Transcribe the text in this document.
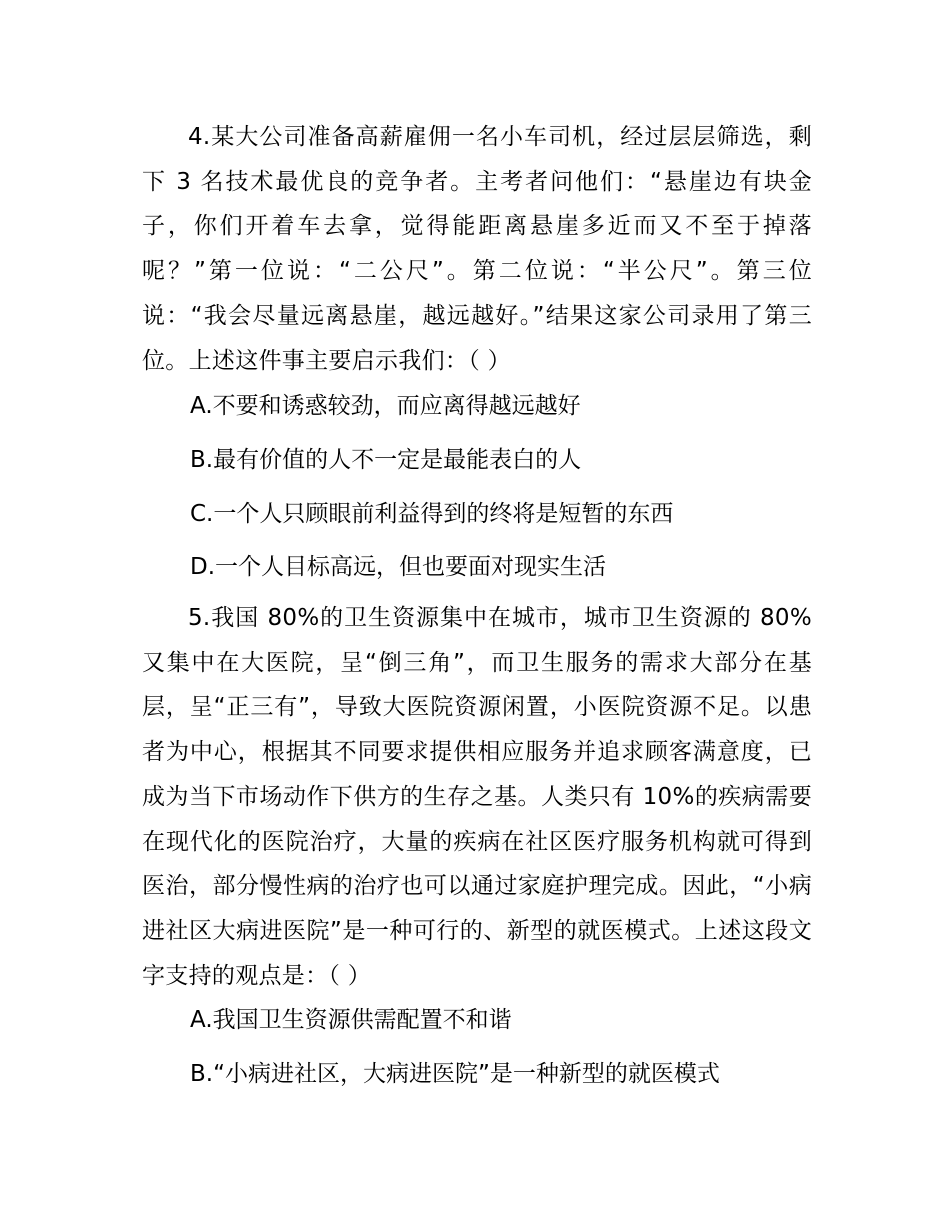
4.某大公司准备高薪雇佣一名小车司机，经过层层筛选，剩下 3 名技术最优良的竞争者。主考者问他们：“悬崖边有块金子，你们开着车去拿，觉得能距离悬崖多近而又不至于掉落呢？”第一位说：“二公尺”。第二位说：“半公尺”。第三位说：“我会尽量远离悬崖，越远越好。”结果这家公司录用了第三位。上述这件事主要启示我们：（ ）

A.不要和诱惑较劲，而应离得越远越好

B.最有价值的人不一定是最能表白的人

C.一个人只顾眼前利益得到的终将是短暂的东西

D.一个人目标高远，但也要面对现实生活

5.我国 80%的卫生资源集中在城市，城市卫生资源的 80%又集中在大医院，呈“倒三角”，而卫生服务的需求大部分在基层，呈“正三有”，导致大医院资源闲置，小医院资源不足。以患者为中心，根据其不同要求提供相应服务并追求顾客满意度，已成为当下市场动作下供方的生存之基。人类只有 10%的疾病需要在现代化的医院治疗，大量的疾病在社区医疗服务机构就可得到医治，部分慢性病的治疗也可以通过家庭护理完成。因此，“小病进社区大病进医院”是一种可行的、新型的就医模式。上述这段文字支持的观点是：（ ）

A.我国卫生资源供需配置不和谐

B.“小病进社区，大病进医院”是一种新型的就医模式
